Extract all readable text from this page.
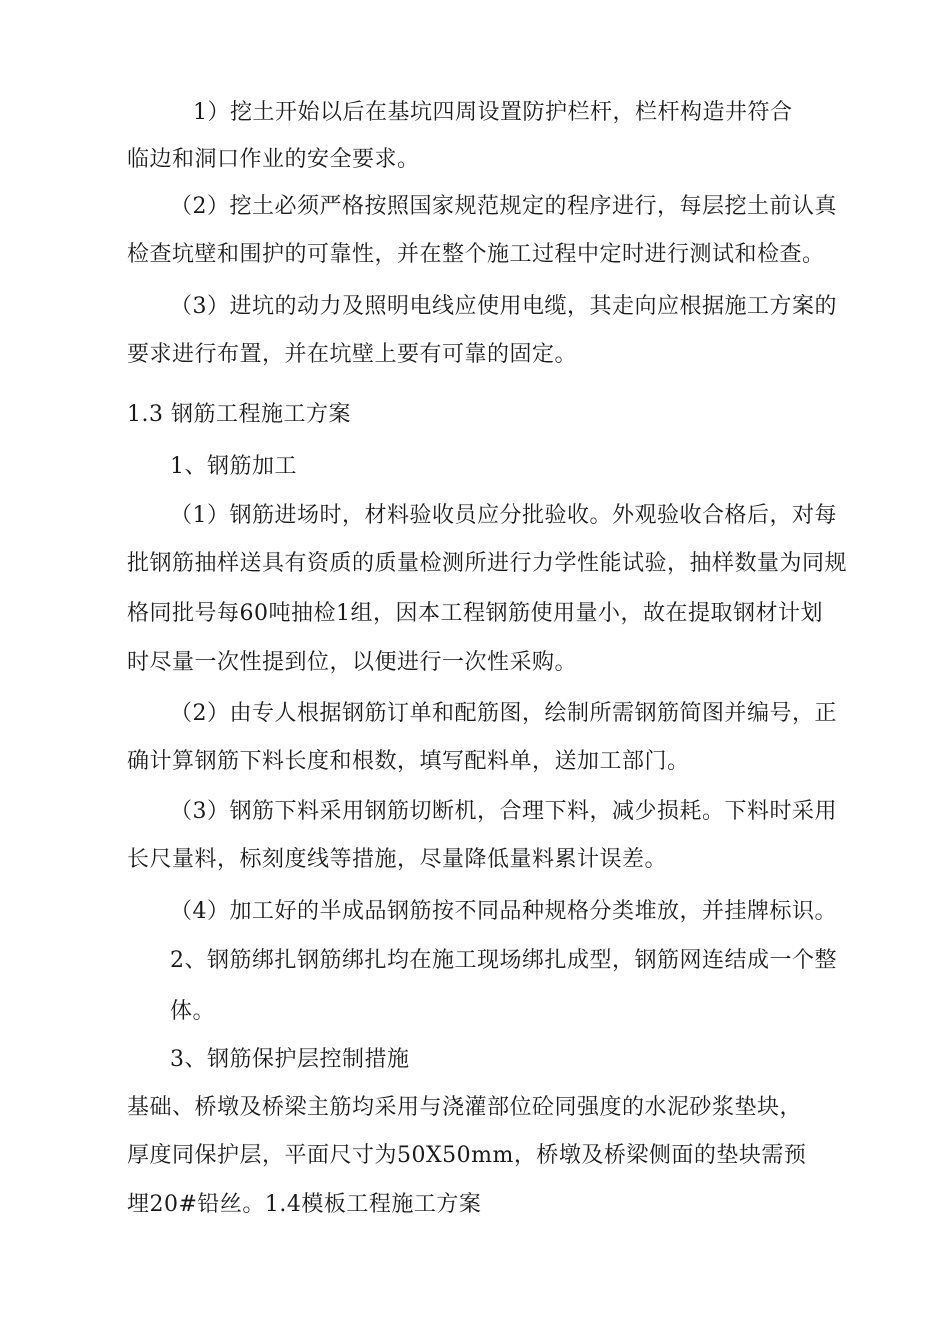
1）挖土开始以后在基坑四周设置防护栏杆，栏杆构造井符合
临边和洞口作业的安全要求。
（2）挖土必须严格按照国家规范规定的程序进行，每层挖土前认真
检查坑壁和围护的可靠性，并在整个施工过程中定时进行测试和检查。
（3）进坑的动力及照明电线应使用电缆，其走向应根据施工方案的
要求进行布置，并在坑壁上要有可靠的固定。
1.3 钢筋工程施工方案
1、钢筋加工
（1）钢筋进场时，材料验收员应分批验收。外观验收合格后，对每
批钢筋抽样送具有资质的质量检测所进行力学性能试验，抽样数量为同规
格同批号每60吨抽检1组，因本工程钢筋使用量小，故在提取钢材计划
时尽量一次性提到位，以便进行一次性采购。
（2）由专人根据钢筋订单和配筋图，绘制所需钢筋简图并编号，正
确计算钢筋下料长度和根数，填写配料单，送加工部门。
（3）钢筋下料采用钢筋切断机，合理下料，减少损耗。下料时采用
长尺量料，标刻度线等措施，尽量降低量料累计误差。
（4）加工好的半成品钢筋按不同品种规格分类堆放，并挂牌标识。
2、钢筋绑扎钢筋绑扎均在施工现场绑扎成型，钢筋网连结成一个整
体。
3、钢筋保护层控制措施
基础、桥墩及桥梁主筋均采用与浇灌部位砼同强度的水泥砂浆垫块，
厚度同保护层，平面尺寸为50X50mm，桥墩及桥梁侧面的垫块需预
埋20#铅丝。1.4模板工程施工方案
